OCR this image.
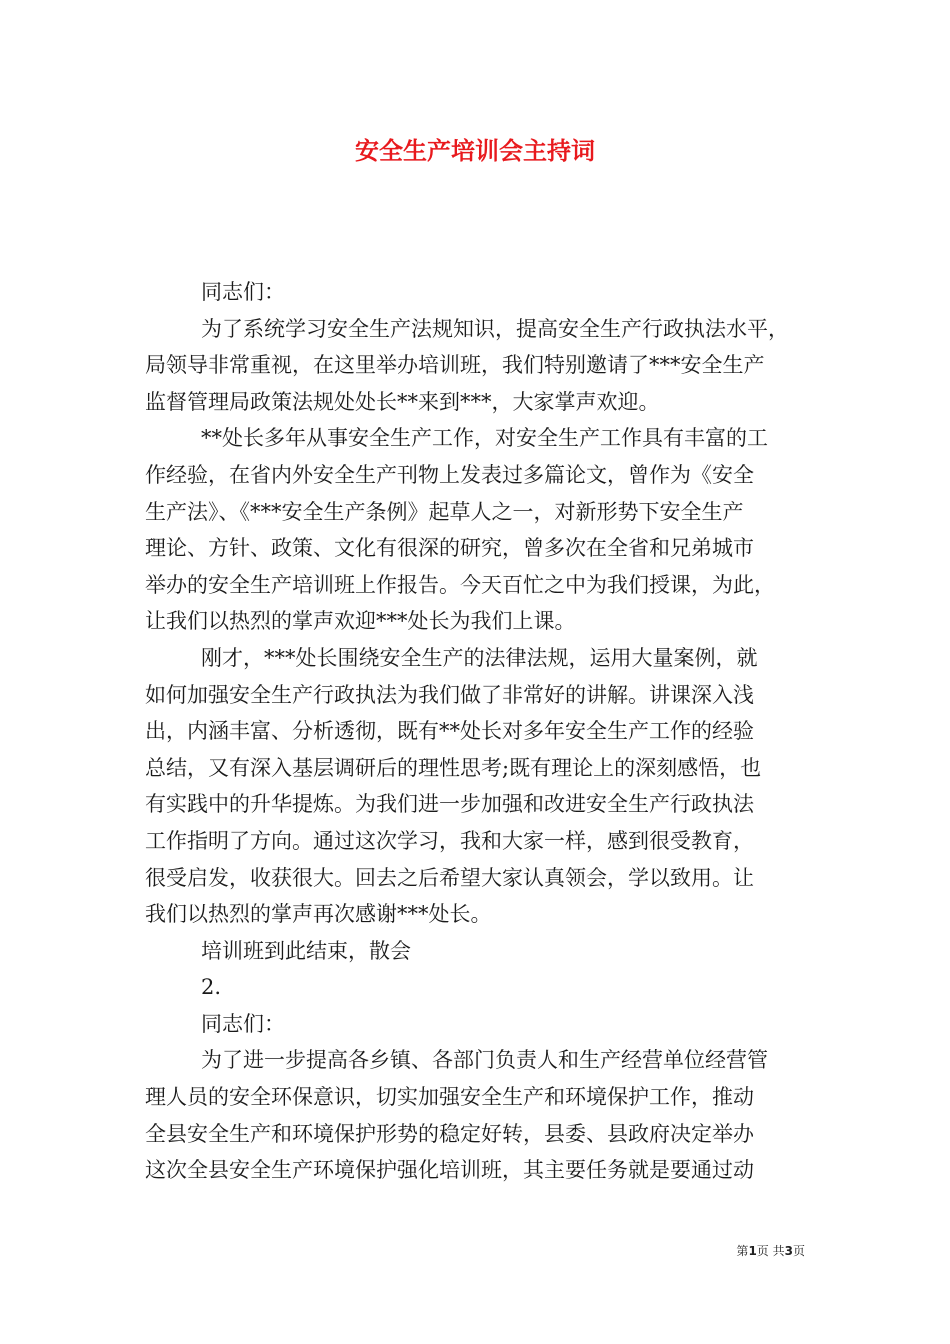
安全生产培训会主持词
同志们：
为了系统学习安全生产法规知识，提高安全生产行政执法水平，
局领导非常重视，在这里举办培训班，我们特别邀请了***安全生产
监督管理局政策法规处处长**来到***，大家掌声欢迎。
**处长多年从事安全生产工作，对安全生产工作具有丰富的工
作经验，在省内外安全生产刊物上发表过多篇论文，曾作为《安全
生产法》、《***安全生产条例》起草人之一，对新形势下安全生产
理论、方针、政策、文化有很深的研究，曾多次在全省和兄弟城市
举办的安全生产培训班上作报告。今天百忙之中为我们授课，为此，
让我们以热烈的掌声欢迎***处长为我们上课。
刚才，***处长围绕安全生产的法律法规，运用大量案例，就
如何加强安全生产行政执法为我们做了非常好的讲解。讲课深入浅
出，内涵丰富、分析透彻，既有**处长对多年安全生产工作的经验
总结，又有深入基层调研后的理性思考;既有理论上的深刻感悟，也
有实践中的升华提炼。为我们进一步加强和改进安全生产行政执法
工作指明了方向。通过这次学习，我和大家一样，感到很受教育，
很受启发，收获很大。回去之后希望大家认真领会，学以致用。让
我们以热烈的掌声再次感谢***处长。
培训班到此结束，散会
2.
同志们：
为了进一步提高各乡镇、各部门负责人和生产经营单位经营管
理人员的安全环保意识，切实加强安全生产和环境保护工作，推动
全县安全生产和环境保护形势的稳定好转，县委、县政府决定举办
这次全县安全生产环境保护强化培训班，其主要任务就是要通过动
第1页 共3页
